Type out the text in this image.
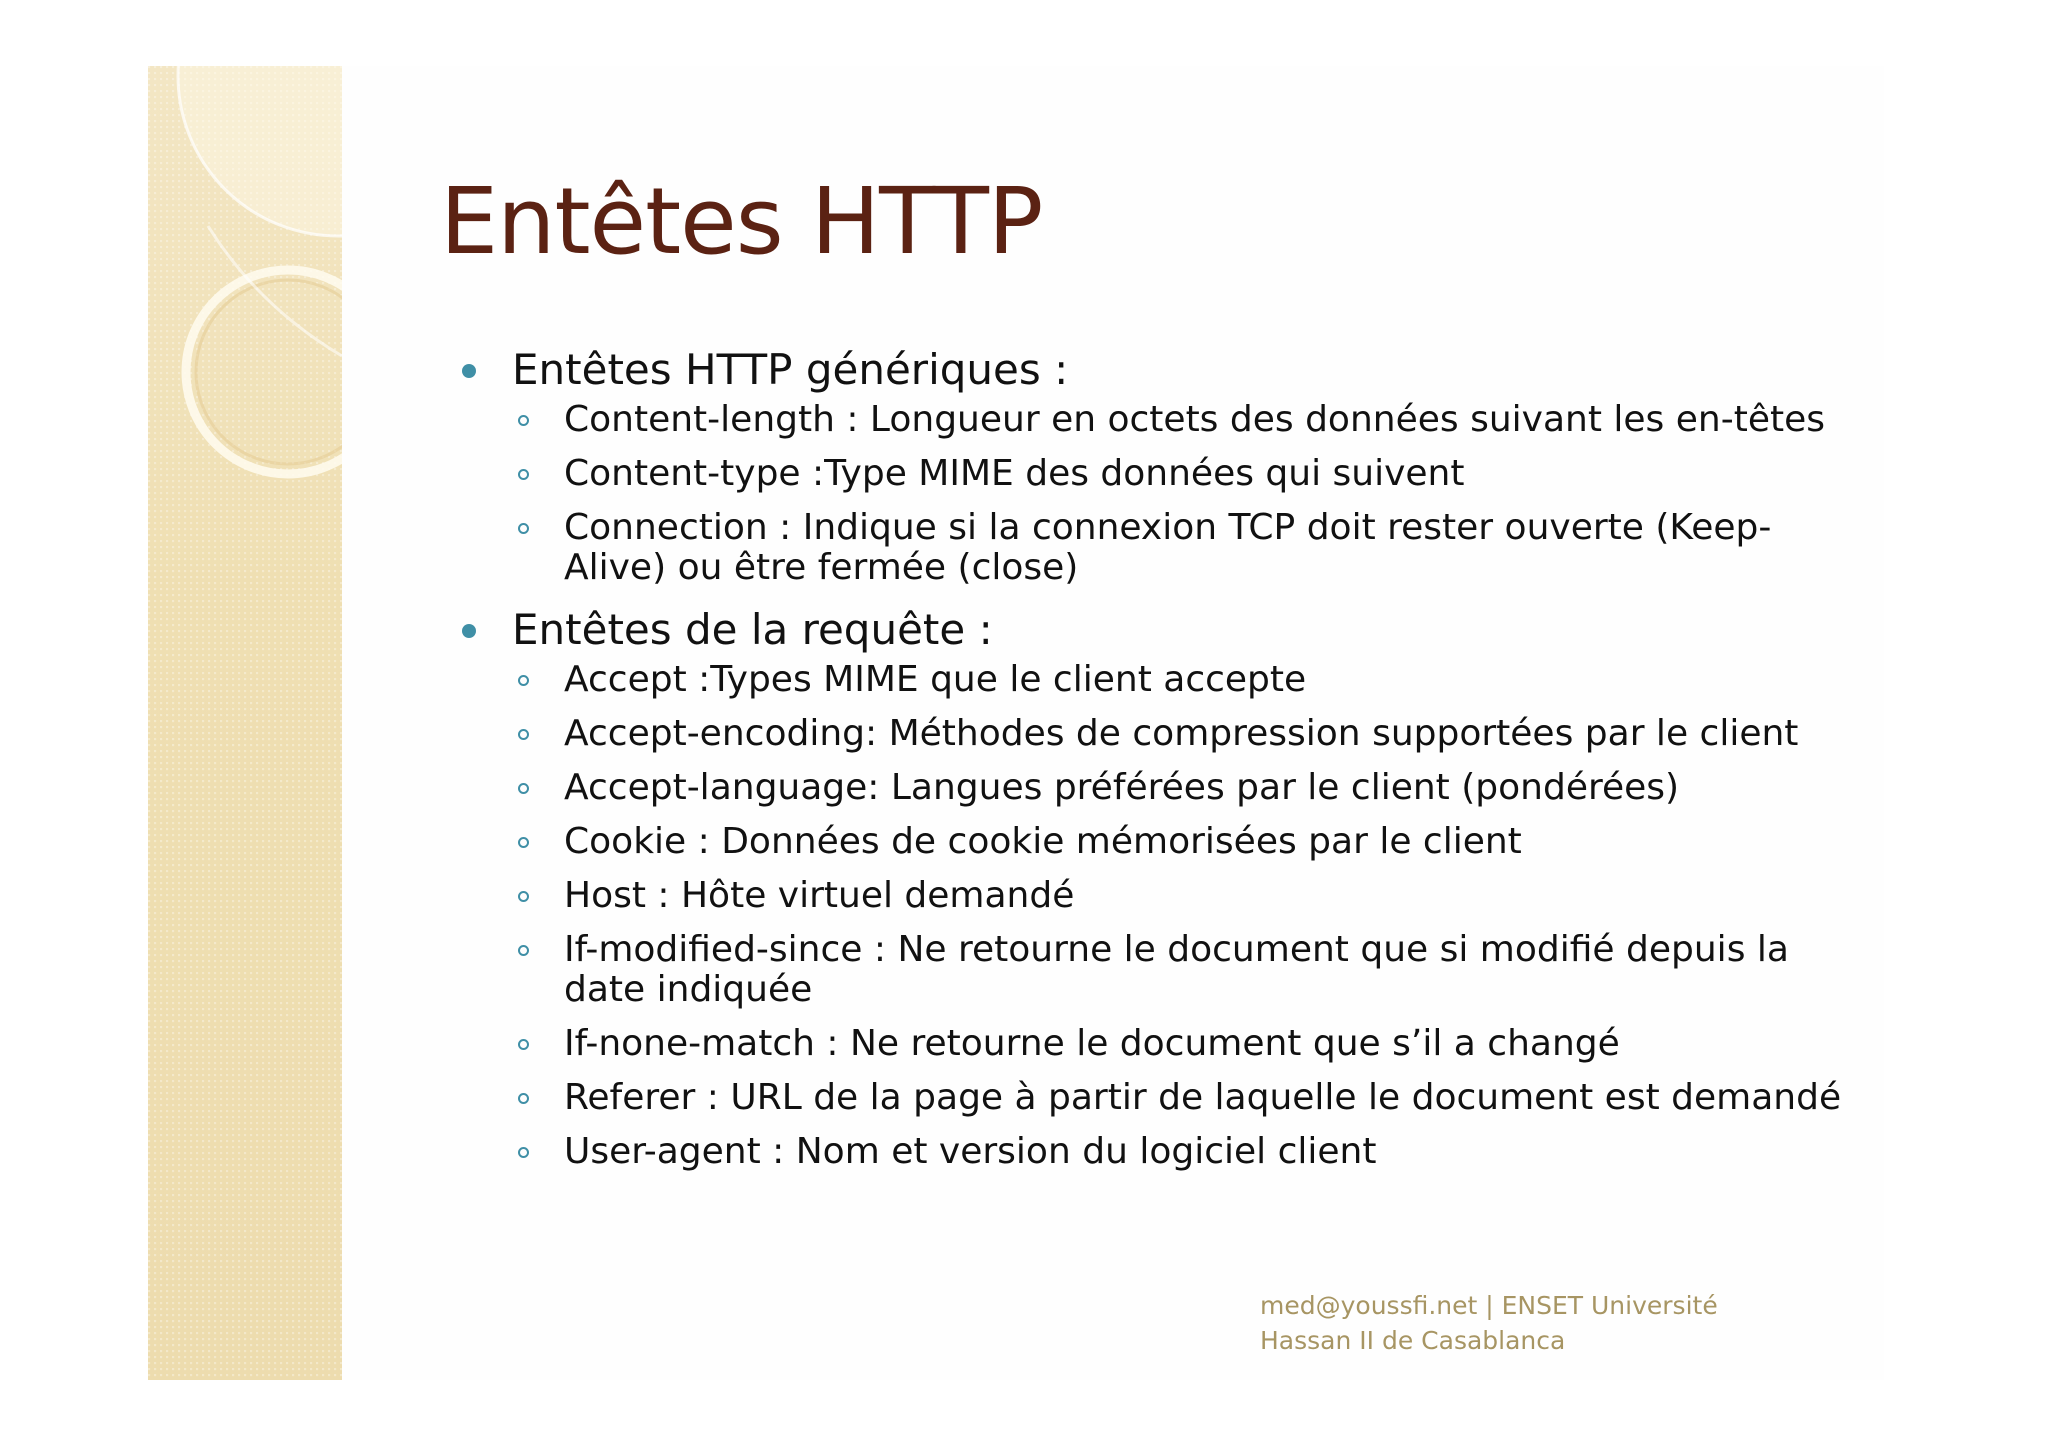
Entêtes HTTP
Entêtes HTTP génériques :
Content-length : Longueur en octets des données suivant les en-têtes
Content-type :Type MIME des données qui suivent
Connection : Indique si la connexion TCP doit rester ouverte (Keep-Alive) ou être fermée (close)
Entêtes de la requête :
Accept :Types MIME que le client accepte
Accept-encoding: Méthodes de compression supportées par le client
Accept-language: Langues préférées par le client (pondérées)
Cookie : Données de cookie mémorisées par le client
Host : Hôte virtuel demandé
If-modified-since : Ne retourne le document que si modifié depuis la date indiquée
If-none-match : Ne retourne le document que s’il a changé
Referer : URL de la page à partir de laquelle le document est demandé
User-agent : Nom et version du logiciel client
med@youssfi.net | ENSET Université
Hassan II de Casablanca
